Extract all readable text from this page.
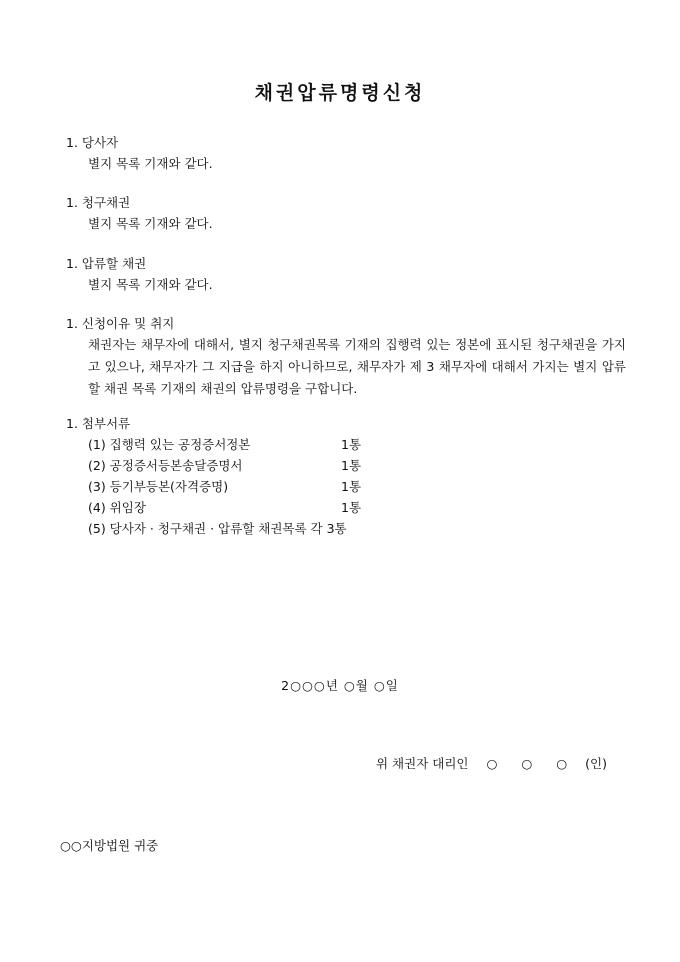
채권압류명령신청
1. 당사자
별지 목록 기재와 같다.
1. 청구채권
별지 목록 기재와 같다.
1. 압류할 채권
별지 목록 기재와 같다.
1. 신청이유 및 취지
채권자는 채무자에 대해서, 별지 청구채권목록 기재의 집행력 있는 정본에 표시된 청구채권을 가지고 있으나, 채무자가 그 지급을 하지 아니하므로, 채무자가 제 3 채무자에 대해서 가지는 별지 압류할 채권 목록 기재의 채권의 압류명령을 구합니다.
1. 첨부서류
(1) 집행력 있는 공정증서정본	1통
(2) 공정증서등본송달증명서	1통
(3) 등기부등본(자격증명)	1통
(4) 위임장	1통
(5) 당사자 · 청구채권 · 압류할 채권목록 각 3통
2○○○년 ○월 ○일
위 채권자 대리인 ○ ○ ○ (인)
○○지방법원 귀중
